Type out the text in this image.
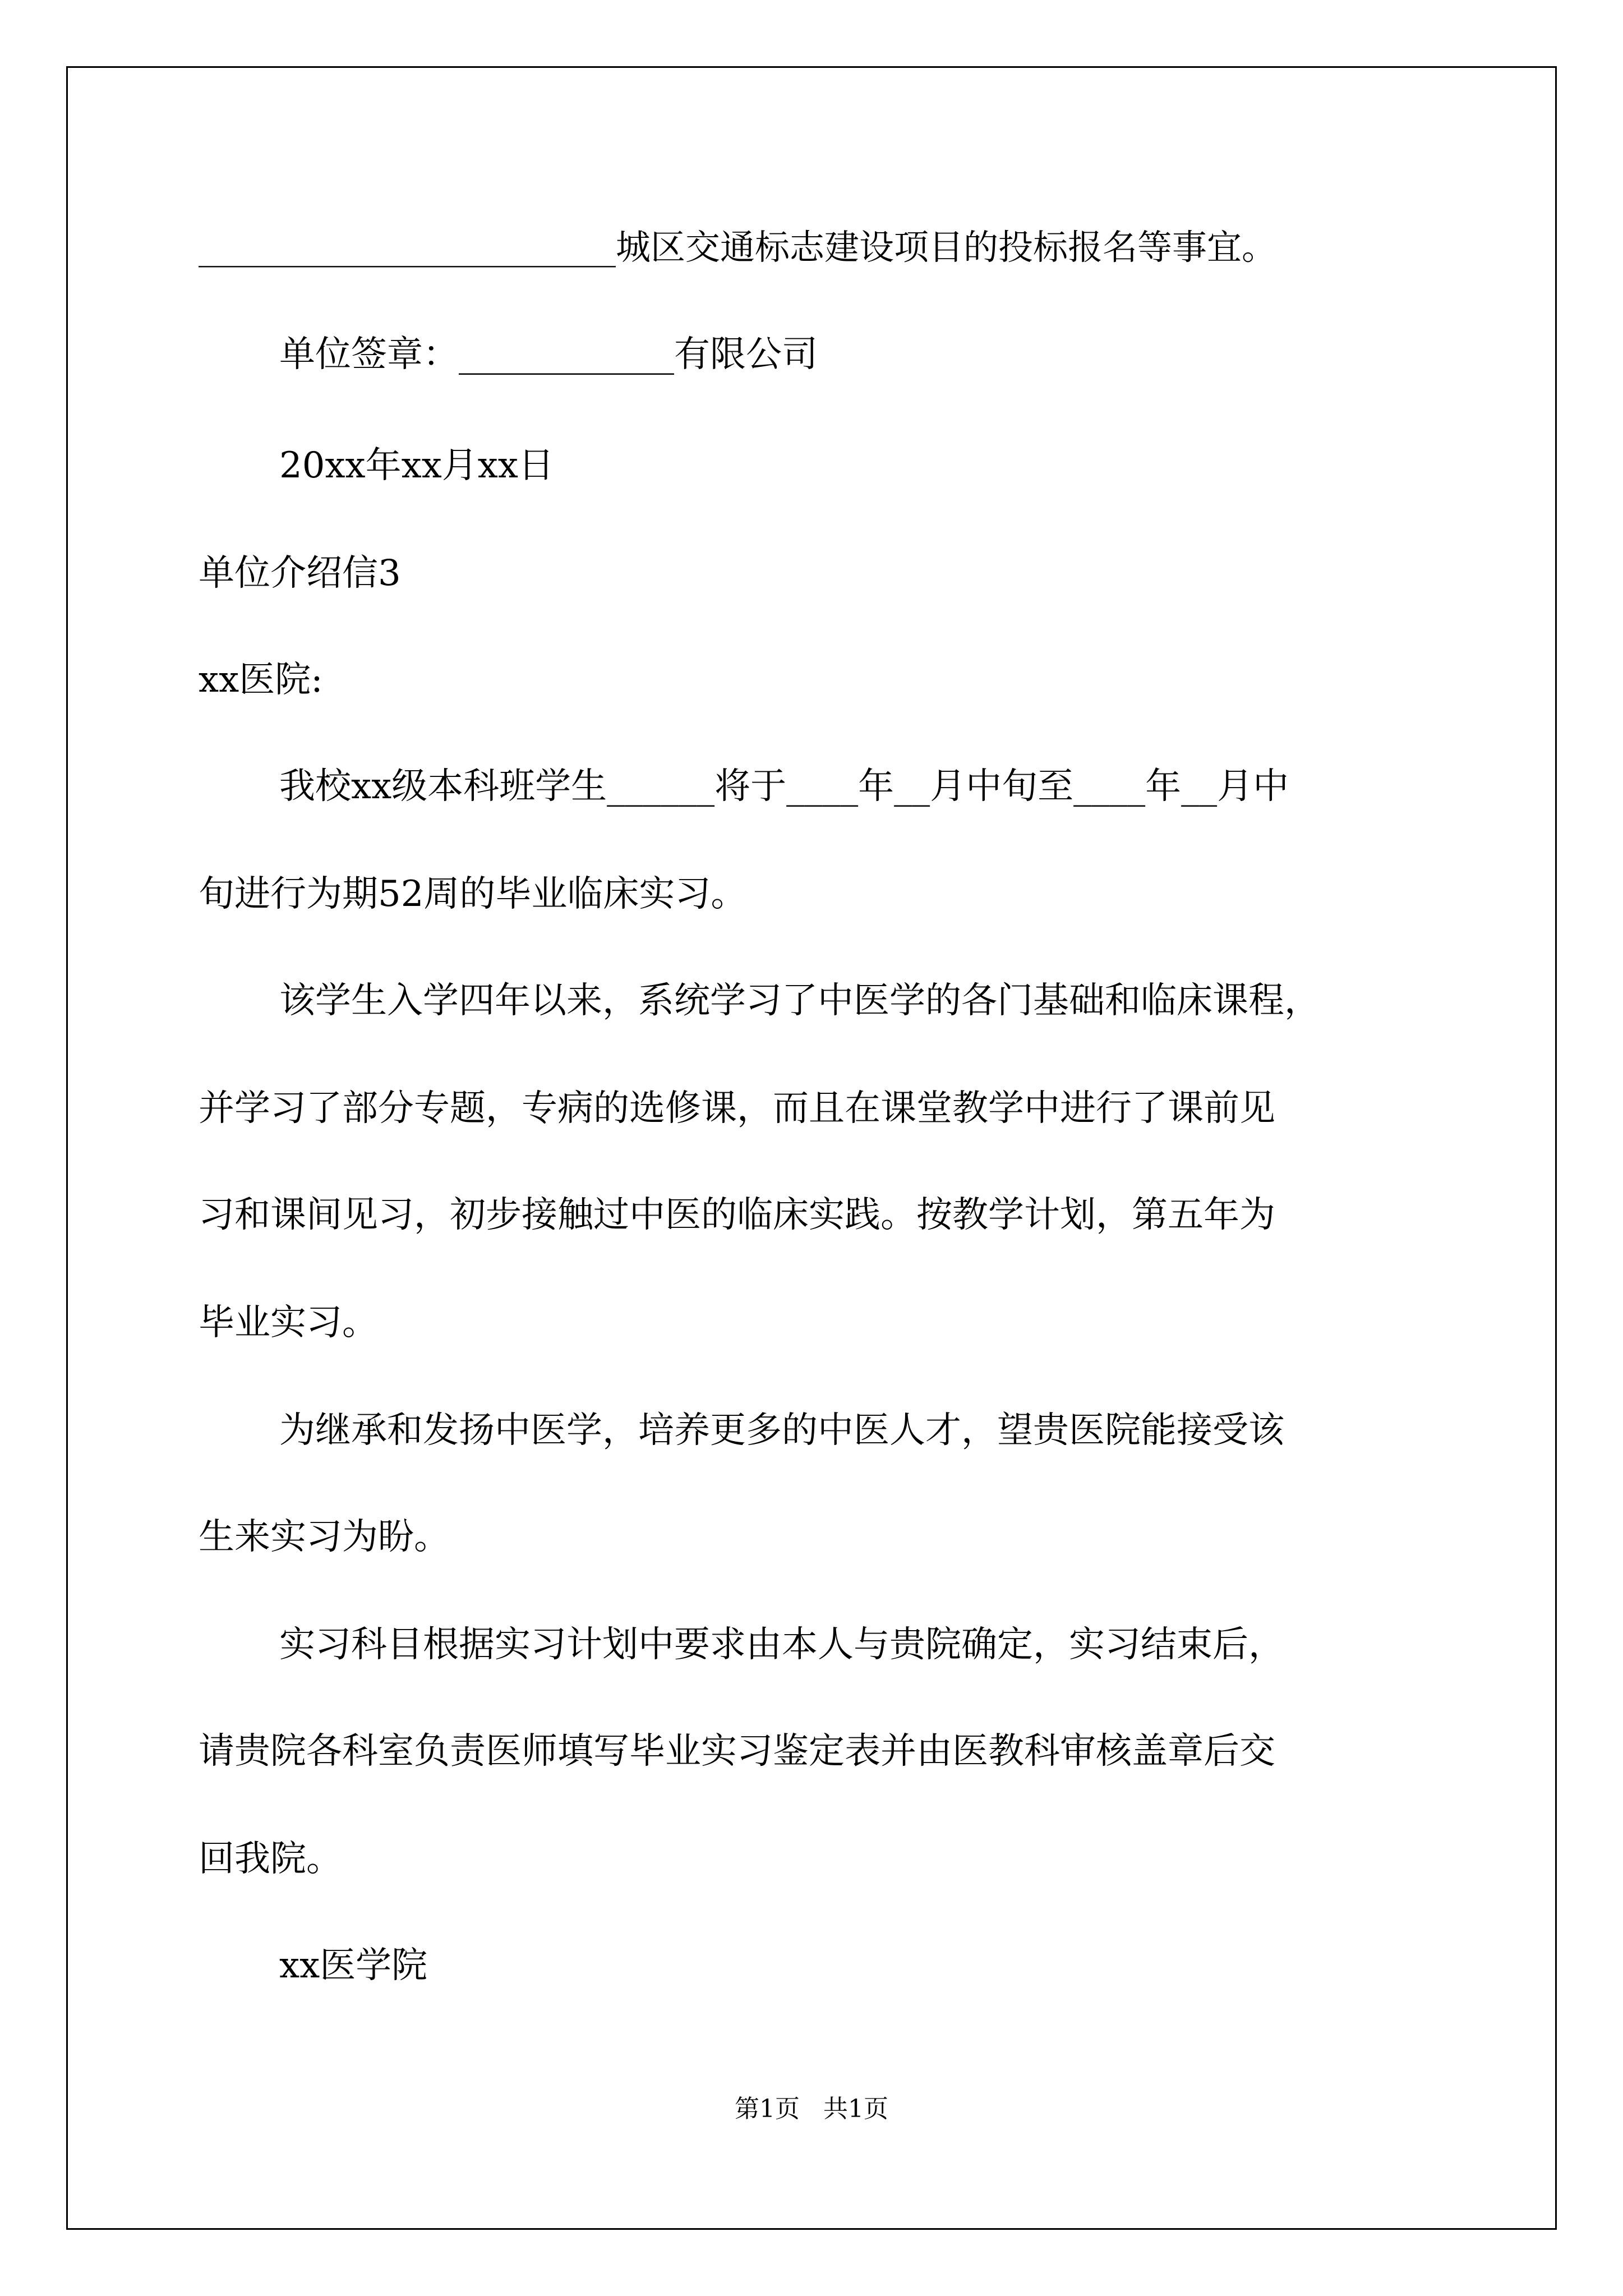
________________________城区交通标志建设项目的投标报名等事宜。
单位签章：____________有限公司
20xx年xx月xx日
单位介绍信3
xx医院:
我校xx级本科班学生______将于____年__月中旬至____年__月中
旬进行为期52周的毕业临床实习。
该学生入学四年以来，系统学习了中医学的各门基础和临床课程，
并学习了部分专题，专病的选修课，而且在课堂教学中进行了课前见
习和课间见习，初步接触过中医的临床实践。按教学计划，第五年为
毕业实习。
为继承和发扬中医学，培养更多的中医人才，望贵医院能接受该
生来实习为盼。
实习科目根据实习计划中要求由本人与贵院确定，实习结束后，
请贵院各科室负责医师填写毕业实习鉴定表并由医教科审核盖章后交
回我院。
xx医学院
第1页   共1页
